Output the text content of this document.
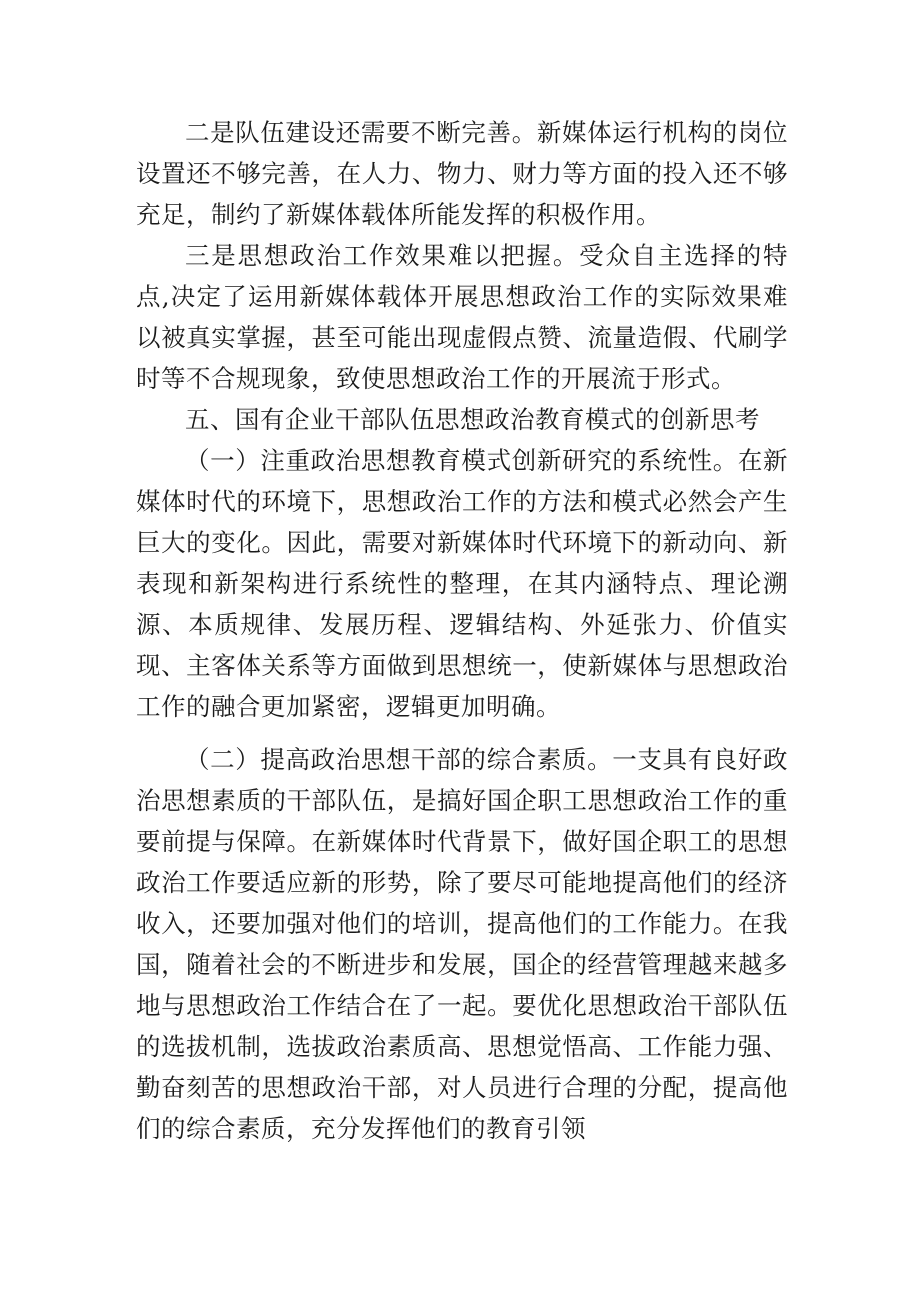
二是队伍建设还需要不断完善。新媒体运行机构的岗位设置还不够完善，在人力、物力、财力等方面的投入还不够充足，制约了新媒体载体所能发挥的积极作用。

三是思想政治工作效果难以把握。受众自主选择的特点,决定了运用新媒体载体开展思想政治工作的实际效果难以被真实掌握，甚至可能出现虚假点赞、流量造假、代刷学时等不合规现象，致使思想政治工作的开展流于形式。

五、国有企业干部队伍思想政治教育模式的创新思考

（一）注重政治思想教育模式创新研究的系统性。在新媒体时代的环境下，思想政治工作的方法和模式必然会产生巨大的变化。因此，需要对新媒体时代环境下的新动向、新表现和新架构进行系统性的整理，在其内涵特点、理论溯源、本质规律、发展历程、逻辑结构、外延张力、价值实现、主客体关系等方面做到思想统一，使新媒体与思想政治工作的融合更加紧密，逻辑更加明确。

（二）提高政治思想干部的综合素质。一支具有良好政治思想素质的干部队伍，是搞好国企职工思想政治工作的重要前提与保障。在新媒体时代背景下，做好国企职工的思想政治工作要适应新的形势，除了要尽可能地提高他们的经济收入，还要加强对他们的培训，提高他们的工作能力。在我国，随着社会的不断进步和发展，国企的经营管理越来越多地与思想政治工作结合在了一起。要优化思想政治干部队伍的选拔机制，选拔政治素质高、思想觉悟高、工作能力强、勤奋刻苦的思想政治干部，对人员进行合理的分配，提高他们的综合素质，充分发挥他们的教育引领
